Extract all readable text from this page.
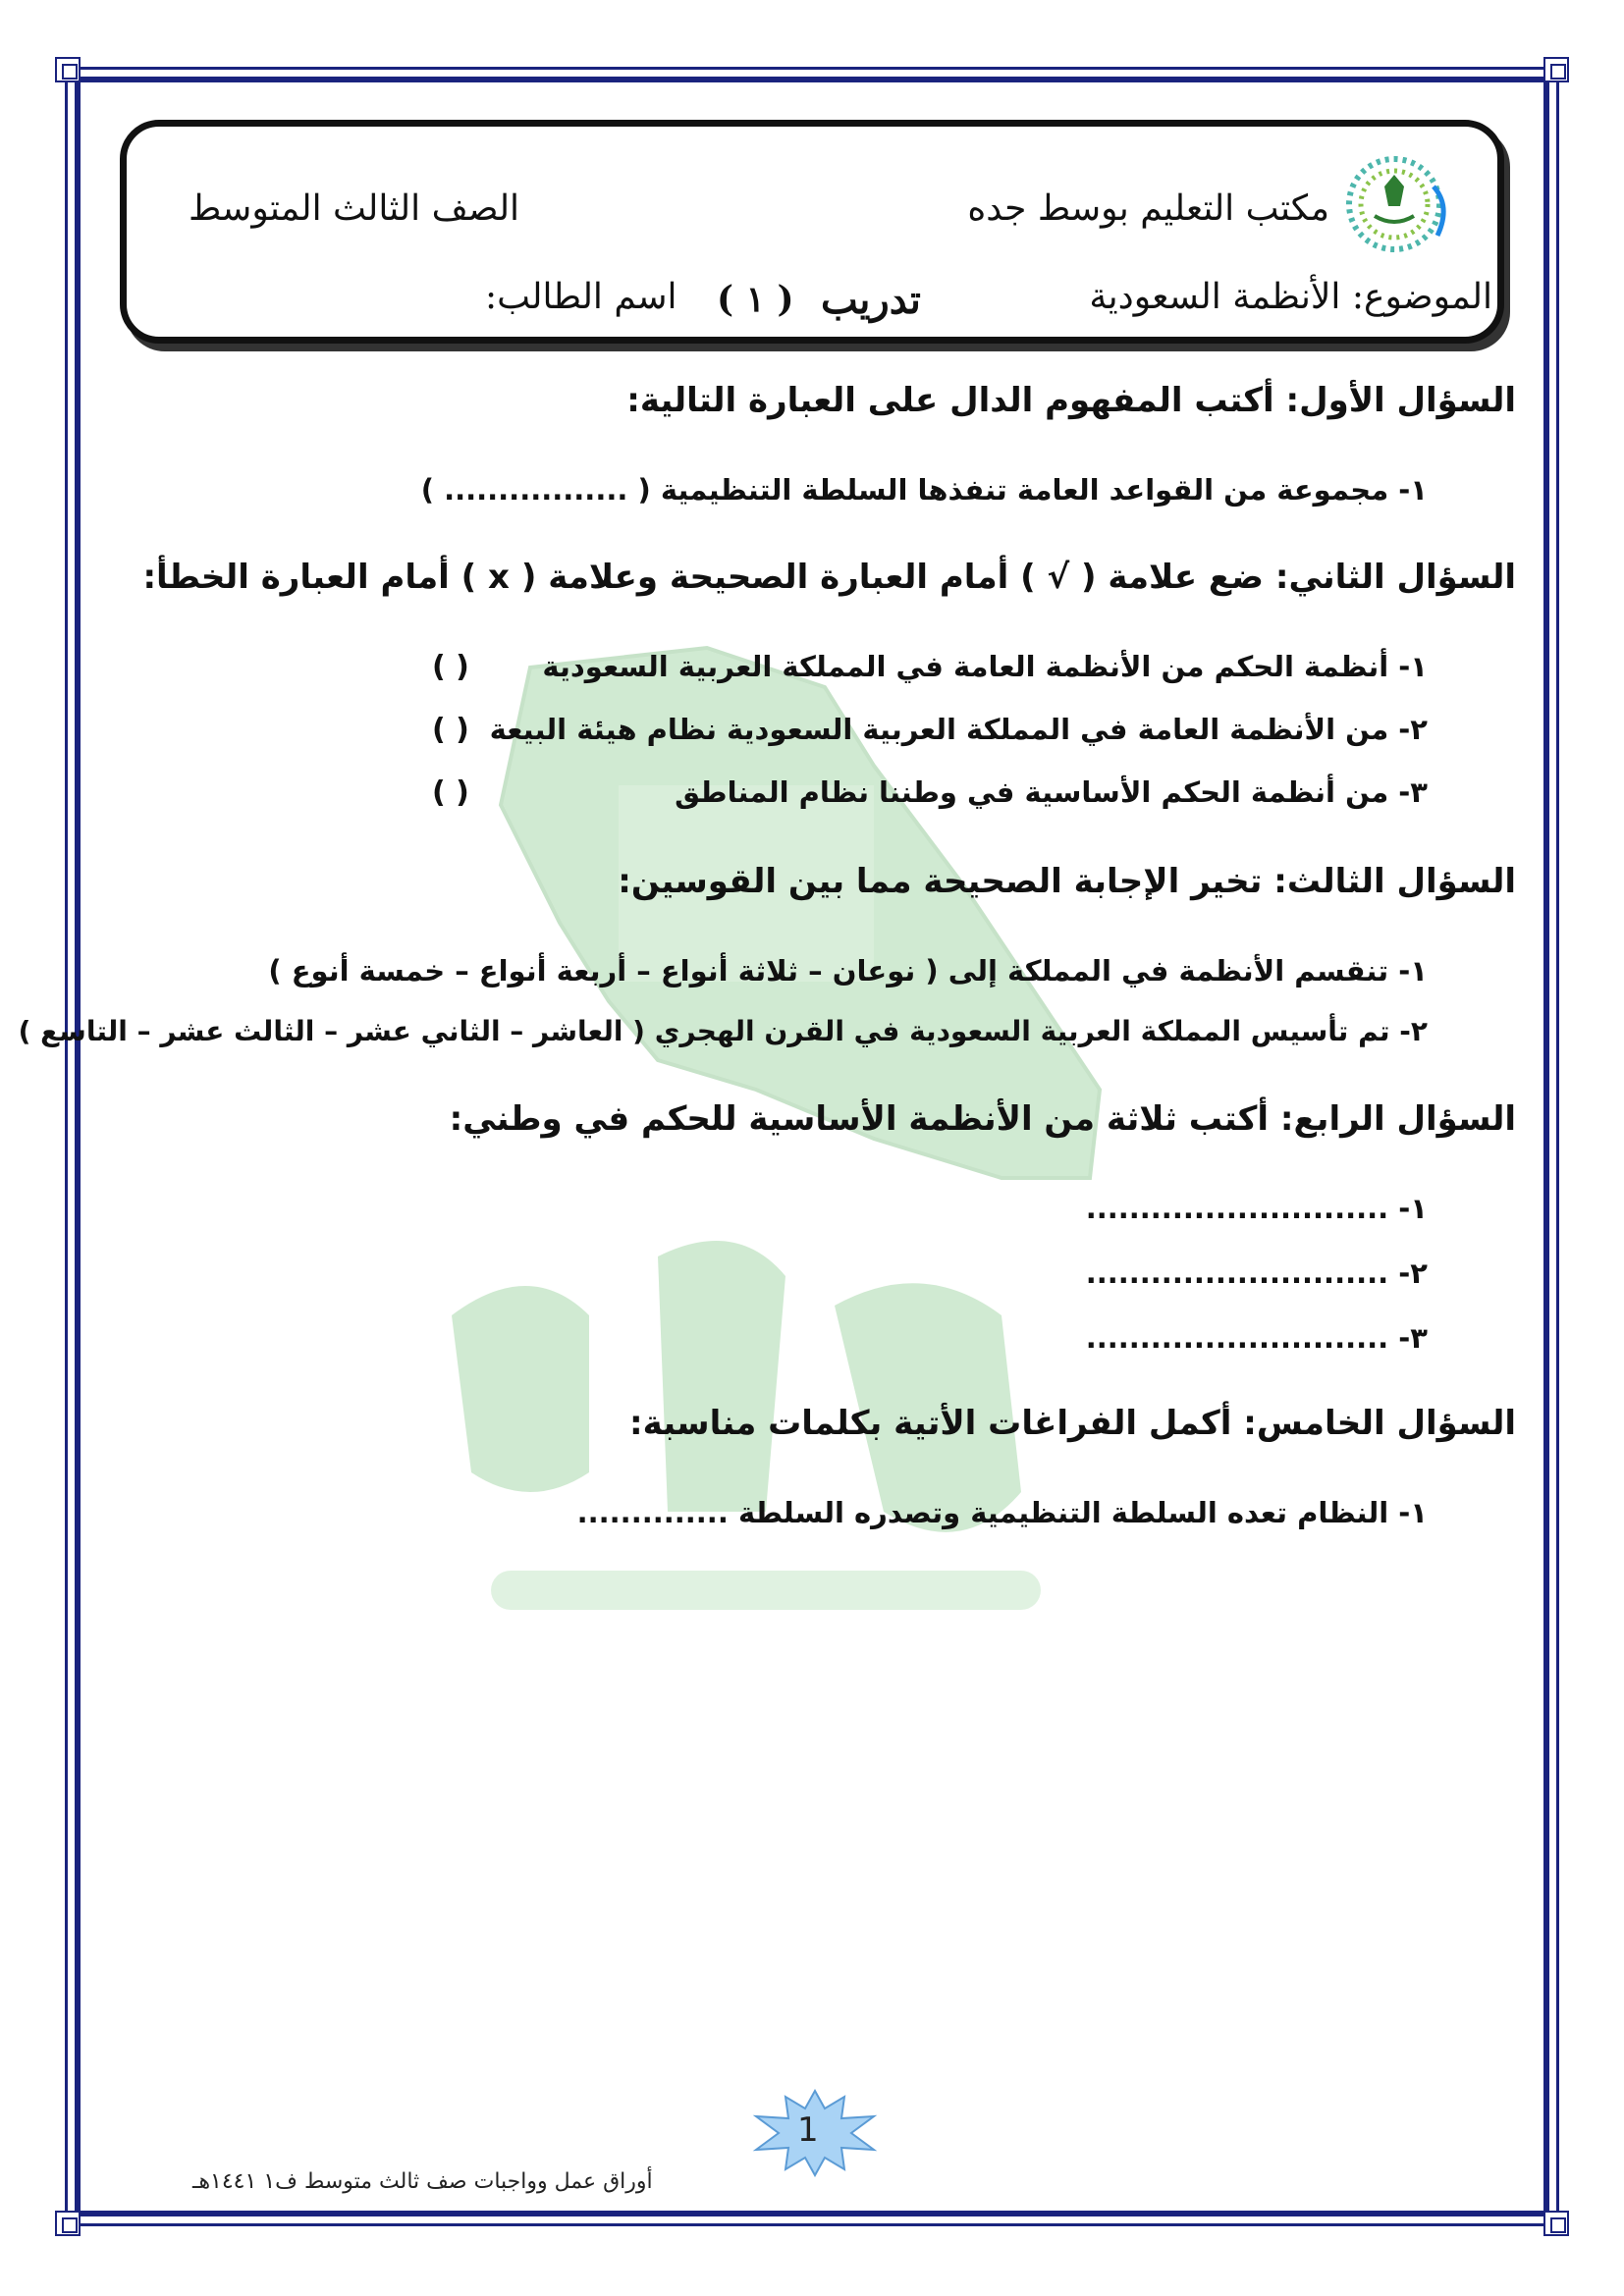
مكتب التعليم بوسط جده
الصف الثالث المتوسط
الموضوع: الأنظمة السعودية
تدريب
( ١ )
اسم الطالب:
السؤال الأول: أكتب المفهوم الدال على العبارة التالية:
١- مجموعة من القواعد العامة تنفذها السلطة التنظيمية ( ................. )
السؤال الثاني: ضع علامة ( √ ) أمام العبارة الصحيحة وعلامة ( x ) أمام العبارة الخطأ:
١- أنظمة الحكم من الأنظمة العامة في المملكة العربية السعودية
( )
٢- من الأنظمة العامة في المملكة العربية السعودية نظام هيئة البيعة
( )
٣- من أنظمة الحكم الأساسية في وطننا نظام المناطق
( )
السؤال الثالث: تخير الإجابة الصحيحة مما بين القوسين:
١- تنقسم الأنظمة في المملكة إلى ( نوعان – ثلاثة أنواع – أربعة أنواع – خمسة أنوع )
٢- تم تأسيس المملكة العربية السعودية في القرن الهجري ( العاشر – الثاني عشر – الثالث عشر – التاسع )
السؤال الرابع: أكتب ثلاثة من الأنظمة الأساسية للحكم في وطني:
١- ............................
٢- ............................
٣- ............................
السؤال الخامس: أكمل الفراغات الأتية بكلمات مناسبة:
١- النظام تعده السلطة التنظيمية وتصدره السلطة ..............
1
أوراق عمل وواجبات صف ثالث متوسط ف١ ١٤٤١هـ
